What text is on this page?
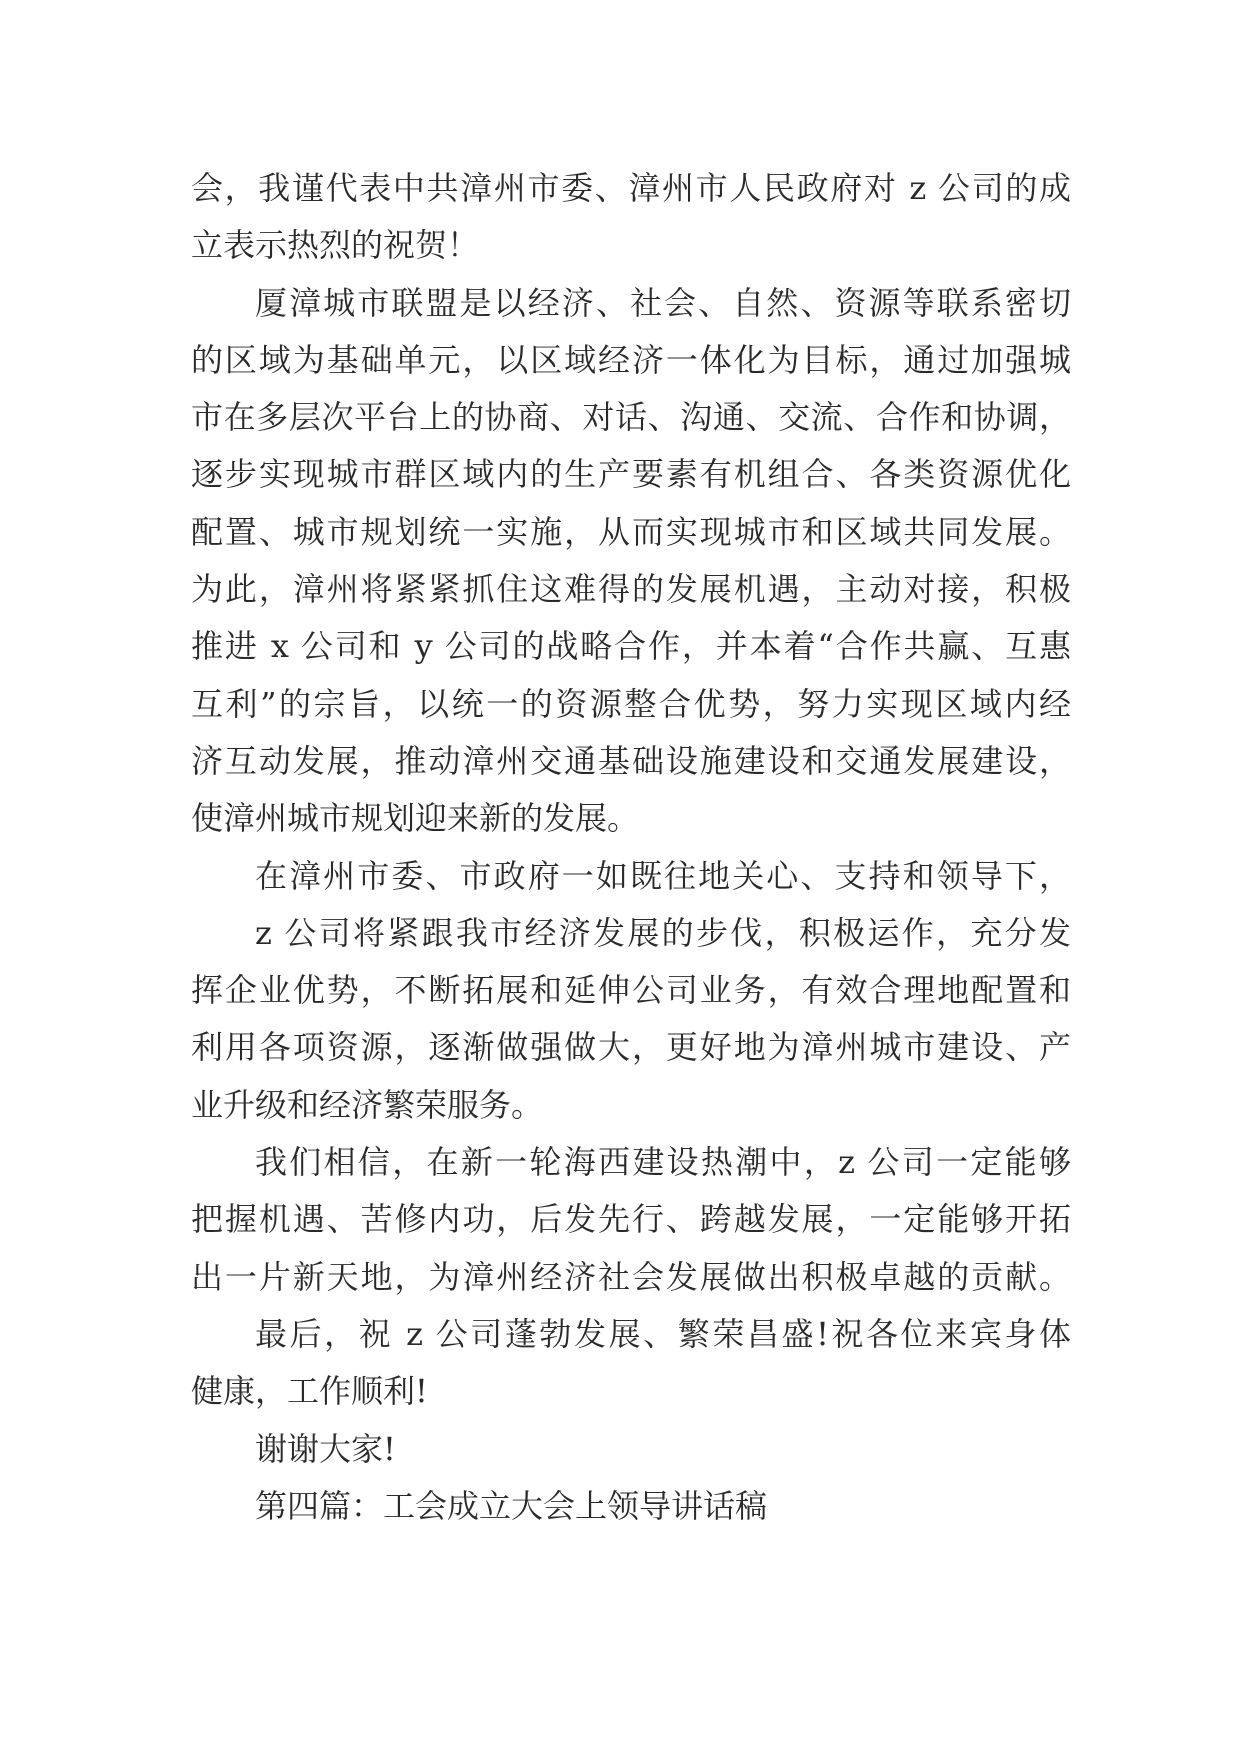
会，我谨代表中共漳州市委、漳州市人民政府对 z 公司的成
立表示热烈的祝贺！
厦漳城市联盟是以经济、社会、自然、资源等联系密切
的区域为基础单元，以区域经济一体化为目标，通过加强城
市在多层次平台上的协商、对话、沟通、交流、合作和协调，
逐步实现城市群区域内的生产要素有机组合、各类资源优化
配置、城市规划统一实施，从而实现城市和区域共同发展。
为此，漳州将紧紧抓住这难得的发展机遇，主动对接，积极
推进 x 公司和 y 公司的战略合作，并本着“合作共赢、互惠
互利”的宗旨，以统一的资源整合优势，努力实现区域内经
济互动发展，推动漳州交通基础设施建设和交通发展建设，
使漳州城市规划迎来新的发展。
在漳州市委、市政府一如既往地关心、支持和领导下，
z 公司将紧跟我市经济发展的步伐，积极运作，充分发
挥企业优势，不断拓展和延伸公司业务，有效合理地配置和
利用各项资源，逐渐做强做大，更好地为漳州城市建设、产
业升级和经济繁荣服务。
我们相信，在新一轮海西建设热潮中，z 公司一定能够
把握机遇、苦修内功，后发先行、跨越发展，一定能够开拓
出一片新天地，为漳州经济社会发展做出积极卓越的贡献。
最后，祝 z 公司蓬勃发展、繁荣昌盛!祝各位来宾身体
健康，工作顺利!
谢谢大家!
第四篇：工会成立大会上领导讲话稿
